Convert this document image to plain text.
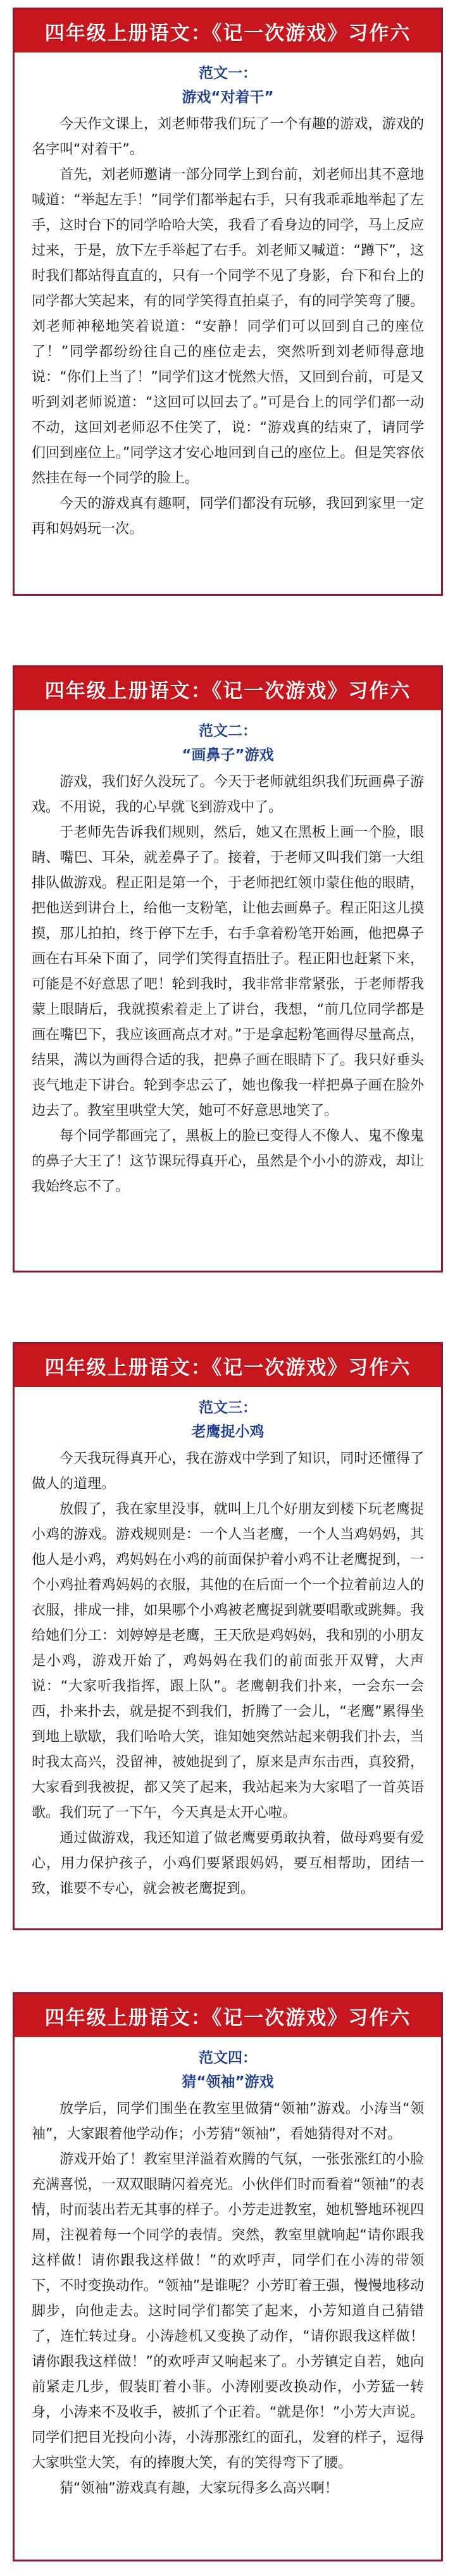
四年级上册语文：《记一次游戏》习作六

范文一：

游戏“对着干”

今天作文课上，刘老师带我们玩了一个有趣的游戏，游戏的名字叫“对着干”。

首先，刘老师邀请一部分同学上到台前，刘老师出其不意地喊道：“举起左手！”同学们都举起右手，只有我乖乖地举起了左手，这时台下的同学哈哈大笑，我看了看身边的同学，马上反应过来，于是，放下左手举起了右手。刘老师又喊道：“蹲下”，这时我们都站得直直的，只有一个同学不见了身影，台下和台上的同学都大笑起来，有的同学笑得直拍桌子，有的同学笑弯了腰。刘老师神秘地笑着说道：“安静！同学们可以回到自己的座位了！”同学都纷纷往自己的座位走去，突然听到刘老师得意地说：“你们上当了！”同学们这才恍然大悟，又回到台前，可是又听到刘老师说道：“这回可以回去了。”可是台上的同学们都一动不动，这回刘老师忍不住笑了，说：“游戏真的结束了，请同学们回到座位上。”同学这才安心地回到自己的座位上。但是笑容依然挂在每一个同学的脸上。

今天的游戏真有趣啊，同学们都没有玩够，我回到家里一定再和妈妈玩一次。

四年级上册语文：《记一次游戏》习作六

范文二：

“画鼻子”游戏

游戏，我们好久没玩了。今天于老师就组织我们玩画鼻子游戏。不用说，我的心早就飞到游戏中了。

于老师先告诉我们规则，然后，她又在黑板上画一个脸，眼睛、嘴巴、耳朵，就差鼻子了。接着，于老师又叫我们第一大组排队做游戏。程正阳是第一个，于老师把红领巾蒙住他的眼睛，把他送到讲台上，给他一支粉笔，让他去画鼻子。程正阳这儿摸摸，那儿拍拍，终于停下左手，右手拿着粉笔开始画，他把鼻子画在右耳朵下面了，同学们笑得直捂肚子。程正阳也赶紧下来，可能是不好意思了吧！轮到我时，我非常非常紧张，于老师帮我蒙上眼睛后，我就摸索着走上了讲台，我想，“前几位同学都是画在嘴巴下，我应该画高点才对。”于是拿起粉笔画得尽量高点，结果，满以为画得合适的我，把鼻子画在眼睛下了。我只好垂头丧气地走下讲台。轮到李忠云了，她也像我一样把鼻子画在脸外边去了。教室里哄堂大笑，她可不好意思地笑了。

每个同学都画完了，黑板上的脸已变得人不像人、鬼不像鬼的鼻子大王了！这节课玩得真开心，虽然是个小小的游戏，却让我始终忘不了。

四年级上册语文：《记一次游戏》习作六

范文三：

老鹰捉小鸡

今天我玩得真开心，我在游戏中学到了知识，同时还懂得了做人的道理。

放假了，我在家里没事，就叫上几个好朋友到楼下玩老鹰捉小鸡的游戏。游戏规则是：一个人当老鹰，一个人当鸡妈妈，其他人是小鸡，鸡妈妈在小鸡的前面保护着小鸡不让老鹰捉到，一个小鸡扯着鸡妈妈的衣服，其他的在后面一个一个拉着前边人的衣服，排成一排，如果哪个小鸡被老鹰捉到就要唱歌或跳舞。我给她们分工：刘婷婷是老鹰，王天欣是鸡妈妈，我和别的小朋友是小鸡，游戏开始了，鸡妈妈在我们的前面张开双臂，大声说：“大家听我指挥，跟上队”。老鹰朝我们扑来，一会东一会西，扑来扑去，就是捉不到我们，折腾了一会儿，“老鹰”累得坐到地上歇歇，我们哈哈大笑，谁知她突然站起来朝我们扑去，当时我太高兴，没留神，被她捉到了，原来是声东击西，真狡猾，大家看到我被捉，都又笑了起来，我站起来为大家唱了一首英语歌。我们玩了一下午，今天真是太开心啦。

通过做游戏，我还知道了做老鹰要勇敢执着，做母鸡要有爱心，用力保护孩子，小鸡们要紧跟妈妈，要互相帮助，团结一致，谁要不专心，就会被老鹰捉到。

四年级上册语文：《记一次游戏》习作六

范文四：

猜“领袖”游戏

放学后，同学们围坐在教室里做猜“领袖”游戏。小涛当“领袖”，大家跟着他学动作；小芳猜“领袖”，看她猜得对不对。

游戏开始了！教室里洋溢着欢腾的气氛，一张张涨红的小脸充满喜悦，一双双眼睛闪着亮光。小伙伴们时而看着“领袖”的表情，时而装出若无其事的样子。小芳走进教室，她机警地环视四周，注视着每一个同学的表情。突然，教室里就响起“请你跟我这样做！请你跟我这样做！”的欢呼声，同学们在小涛的带领下，不时变换动作。“领袖”是谁呢？小芳盯着王强，慢慢地移动脚步，向他走去。这时同学们都笑了起来，小芳知道自己猜错了，连忙转过身。小涛趁机又变换了动作，“请你跟我这样做！请你跟我这样做！”的欢呼声又响起来了。小芳镇定自若，她向前紧走几步，假装盯着小菲。小涛刚要改换动作，小芳猛一转身，小涛来不及收手，被抓了个正着。“就是你！”小芳大声说。同学们把目光投向小涛，小涛那涨红的面孔，发窘的样子，逗得大家哄堂大笑，有的捧腹大笑，有的笑得弯下了腰。

猜“领袖”游戏真有趣，大家玩得多么高兴啊！
